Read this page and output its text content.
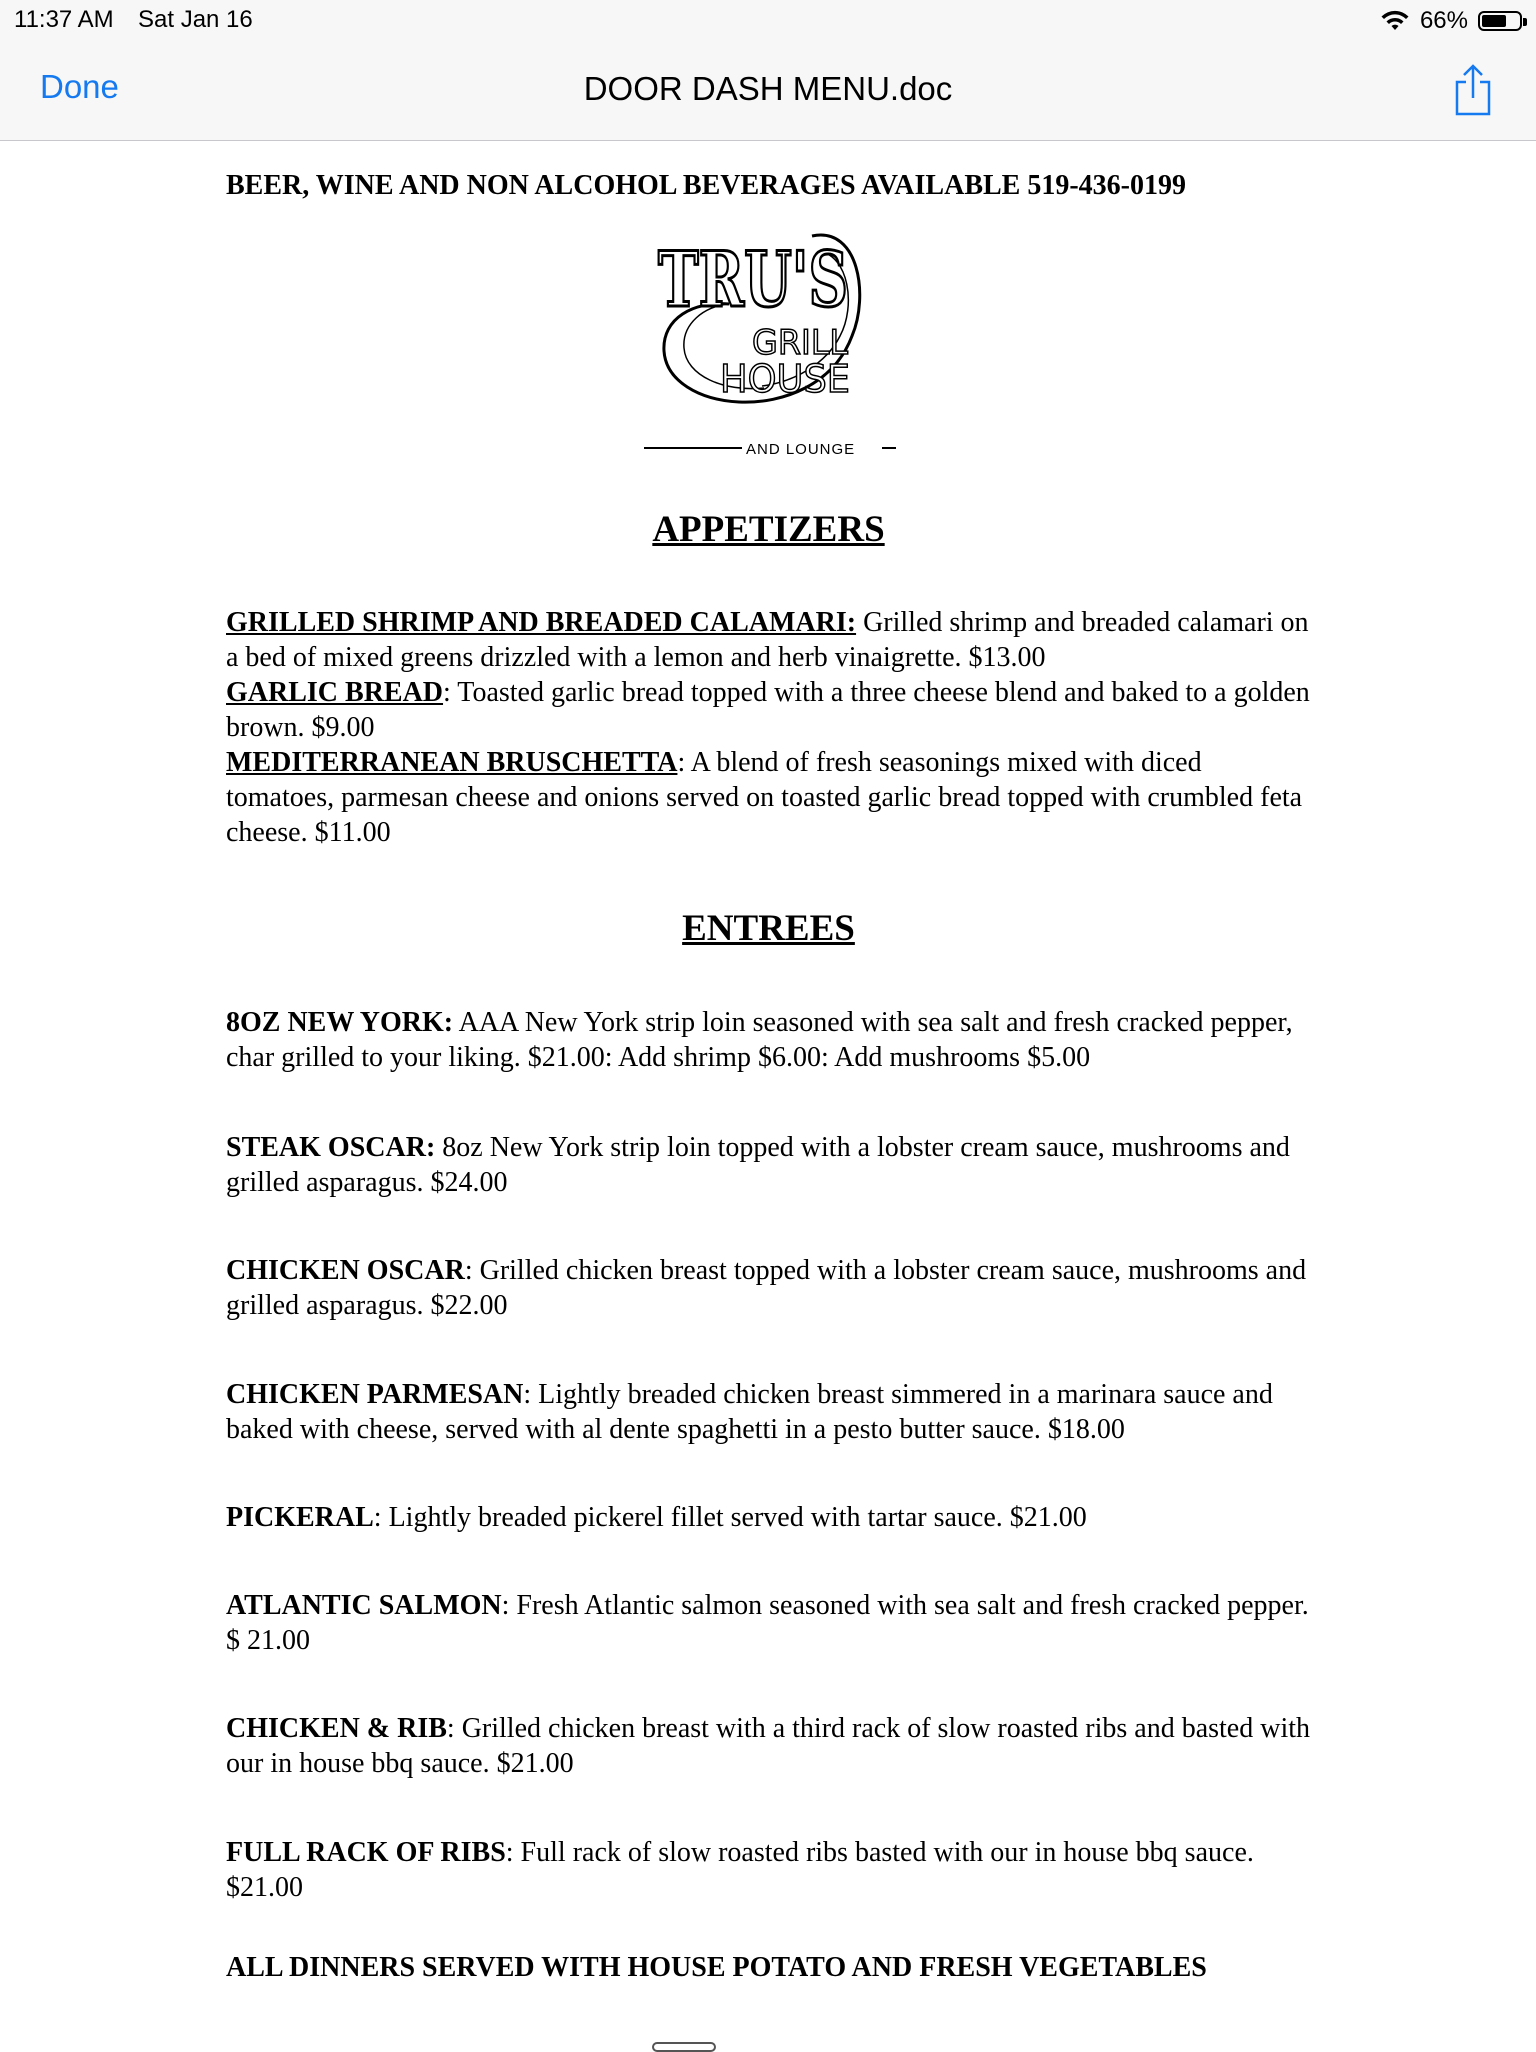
11:37 AM Sat Jan 16	66%
Done	DOOR DASH MENU.doc
BEER, WINE AND NON ALCOHOL BEVERAGES AVAILABLE 519-436-0199
TRU'S
GRILL
HOUSE
AND LOUNGE
APPETIZERS

GRILLED SHRIMP AND BREADED CALAMARI: Grilled shrimp and breaded calamari on a bed of mixed greens drizzled with a lemon and herb vinaigrette. $13.00

GARLIC BREAD: Toasted garlic bread topped with a three cheese blend and baked to a golden brown. $9.00

MEDITERRANEAN BRUSCHETTA: A blend of fresh seasonings mixed with diced tomatoes, parmesan cheese and onions served on toasted garlic bread topped with crumbled feta cheese. $11.00

ENTREES

8OZ NEW YORK: AAA New York strip loin seasoned with sea salt and fresh cracked pepper, char grilled to your liking. $21.00: Add shrimp $6.00: Add mushrooms $5.00

STEAK OSCAR: 8oz New York strip loin topped with a lobster cream sauce, mushrooms and grilled asparagus. $24.00

CHICKEN OSCAR: Grilled chicken breast topped with a lobster cream sauce, mushrooms and grilled asparagus. $22.00

CHICKEN PARMESAN: Lightly breaded chicken breast simmered in a marinara sauce and baked with cheese, served with al dente spaghetti in a pesto butter sauce. $18.00

PICKERAL: Lightly breaded pickerel fillet served with tartar sauce. $21.00

ATLANTIC SALMON: Fresh Atlantic salmon seasoned with sea salt and fresh cracked pepper. $ 21.00

CHICKEN & RIB: Grilled chicken breast with a third rack of slow roasted ribs and basted with our in house bbq sauce. $21.00

FULL RACK OF RIBS: Full rack of slow roasted ribs basted with our in house bbq sauce. $21.00

ALL DINNERS SERVED WITH HOUSE POTATO AND FRESH VEGETABLES
